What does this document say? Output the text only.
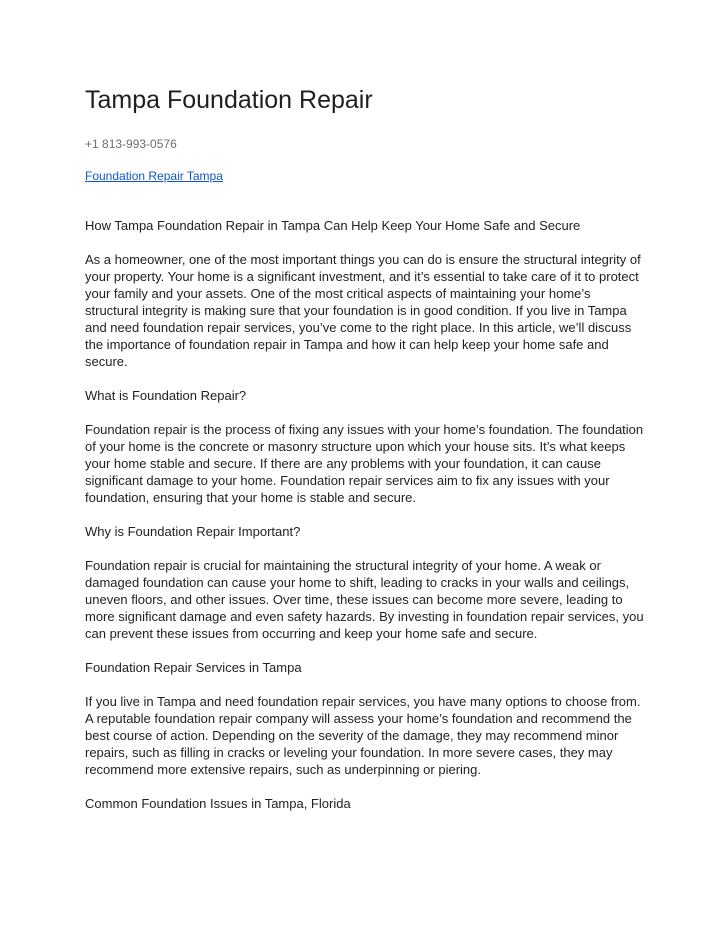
Tampa Foundation Repair
+1 813-993-0576
Foundation Repair Tampa

How Tampa Foundation Repair in Tampa Can Help Keep Your Home Safe and Secure

As a homeowner, one of the most important things you can do is ensure the structural integrity of your property. Your home is a significant investment, and it’s essential to take care of it to protect your family and your assets. One of the most critical aspects of maintaining your home’s structural integrity is making sure that your foundation is in good condition. If you live in Tampa and need foundation repair services, you’ve come to the right place. In this article, we’ll discuss the importance of foundation repair in Tampa and how it can help keep your home safe and secure.

What is Foundation Repair?

Foundation repair is the process of fixing any issues with your home’s foundation. The foundation of your home is the concrete or masonry structure upon which your house sits. It’s what keeps your home stable and secure. If there are any problems with your foundation, it can cause significant damage to your home. Foundation repair services aim to fix any issues with your foundation, ensuring that your home is stable and secure.

Why is Foundation Repair Important?

Foundation repair is crucial for maintaining the structural integrity of your home. A weak or damaged foundation can cause your home to shift, leading to cracks in your walls and ceilings, uneven floors, and other issues. Over time, these issues can become more severe, leading to more significant damage and even safety hazards. By investing in foundation repair services, you can prevent these issues from occurring and keep your home safe and secure.

Foundation Repair Services in Tampa

If you live in Tampa and need foundation repair services, you have many options to choose from. A reputable foundation repair company will assess your home’s foundation and recommend the best course of action. Depending on the severity of the damage, they may recommend minor repairs, such as filling in cracks or leveling your foundation. In more severe cases, they may recommend more extensive repairs, such as underpinning or piering.

Common Foundation Issues in Tampa, Florida
